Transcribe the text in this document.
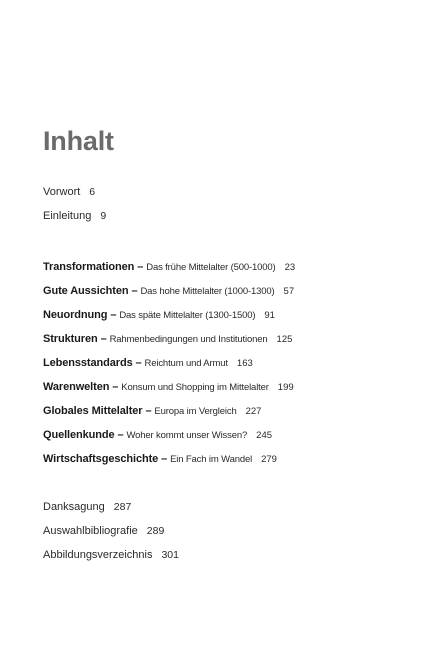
Inhalt
Vorwort 6
Einleitung 9
Transformationen – Das frühe Mittelalter (500-1000) 23
Gute Aussichten – Das hohe Mittelalter (1000-1300) 57
Neuordnung – Das späte Mittelalter (1300-1500) 91
Strukturen – Rahmenbedingungen und Institutionen 125
Lebensstandards – Reichtum und Armut 163
Warenwelten – Konsum und Shopping im Mittelalter 199
Globales Mittelalter – Europa im Vergleich 227
Quellenkunde – Woher kommt unser Wissen? 245
Wirtschaftsgeschichte – Ein Fach im Wandel 279
Danksagung 287
Auswahlbibliografie 289
Abbildungsverzeichnis 301
